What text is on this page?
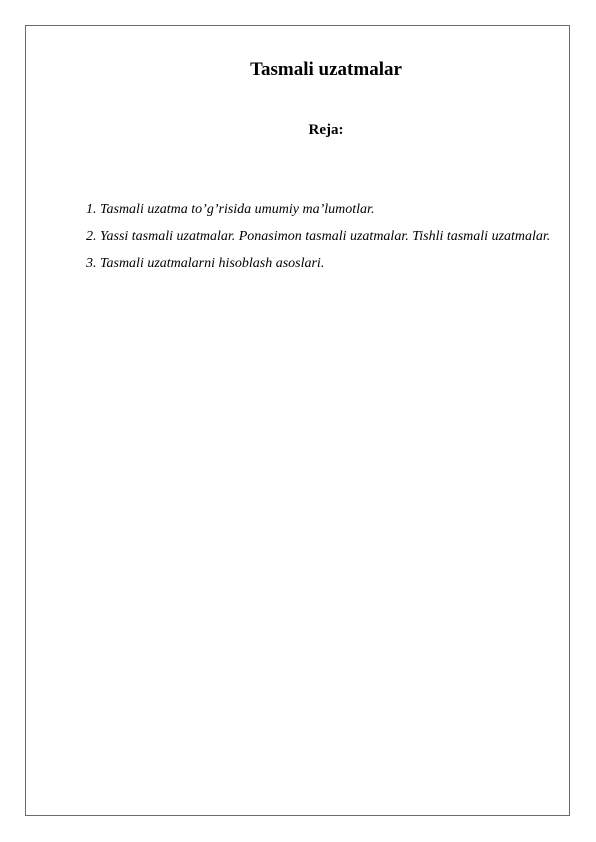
Tasmali uzatmalar
Reja:
1. Tasmali uzatma to’g’risida umumiy ma’lumotlar.
2. Yassi tasmali uzatmalar. Ponasimon tasmali uzatmalar. Tishli tasmali uzatmalar.
3. Tasmali uzatmalarni hisoblash asoslari.
